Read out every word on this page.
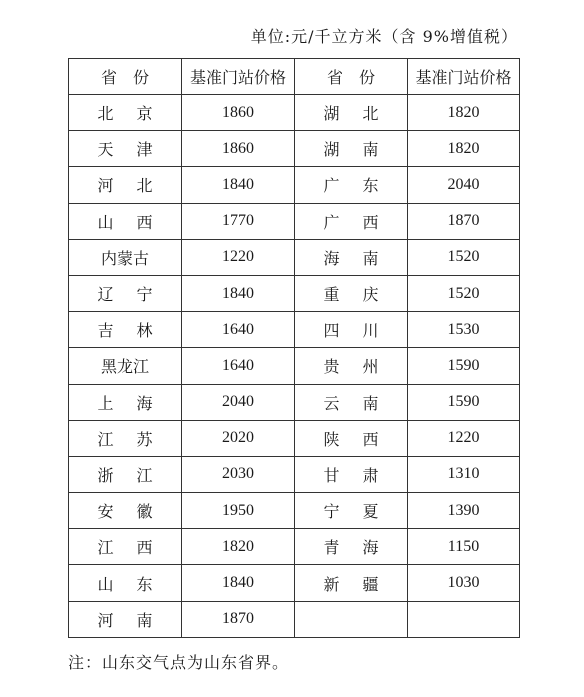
单位:元/千立方米（含 9%增值税）
省　份	基准门站价格	省　份	基准门站价格
北 京	1860	湖 北	1820
天 津	1860	湖 南	1820
河 北	1840	广 东	2040
山 西	1770	广 西	1870
内蒙古	1220	海 南	1520
辽 宁	1840	重 庆	1520
吉 林	1640	四 川	1530
黑龙江	1640	贵 州	1590
上 海	2040	云 南	1590
江 苏	2020	陕 西	1220
浙 江	2030	甘 肃	1310
安 徽	1950	宁 夏	1390
江 西	1820	青 海	1150
山 东	1840	新 疆	1030
河 南	1870		
注：山东交气点为山东省界。
